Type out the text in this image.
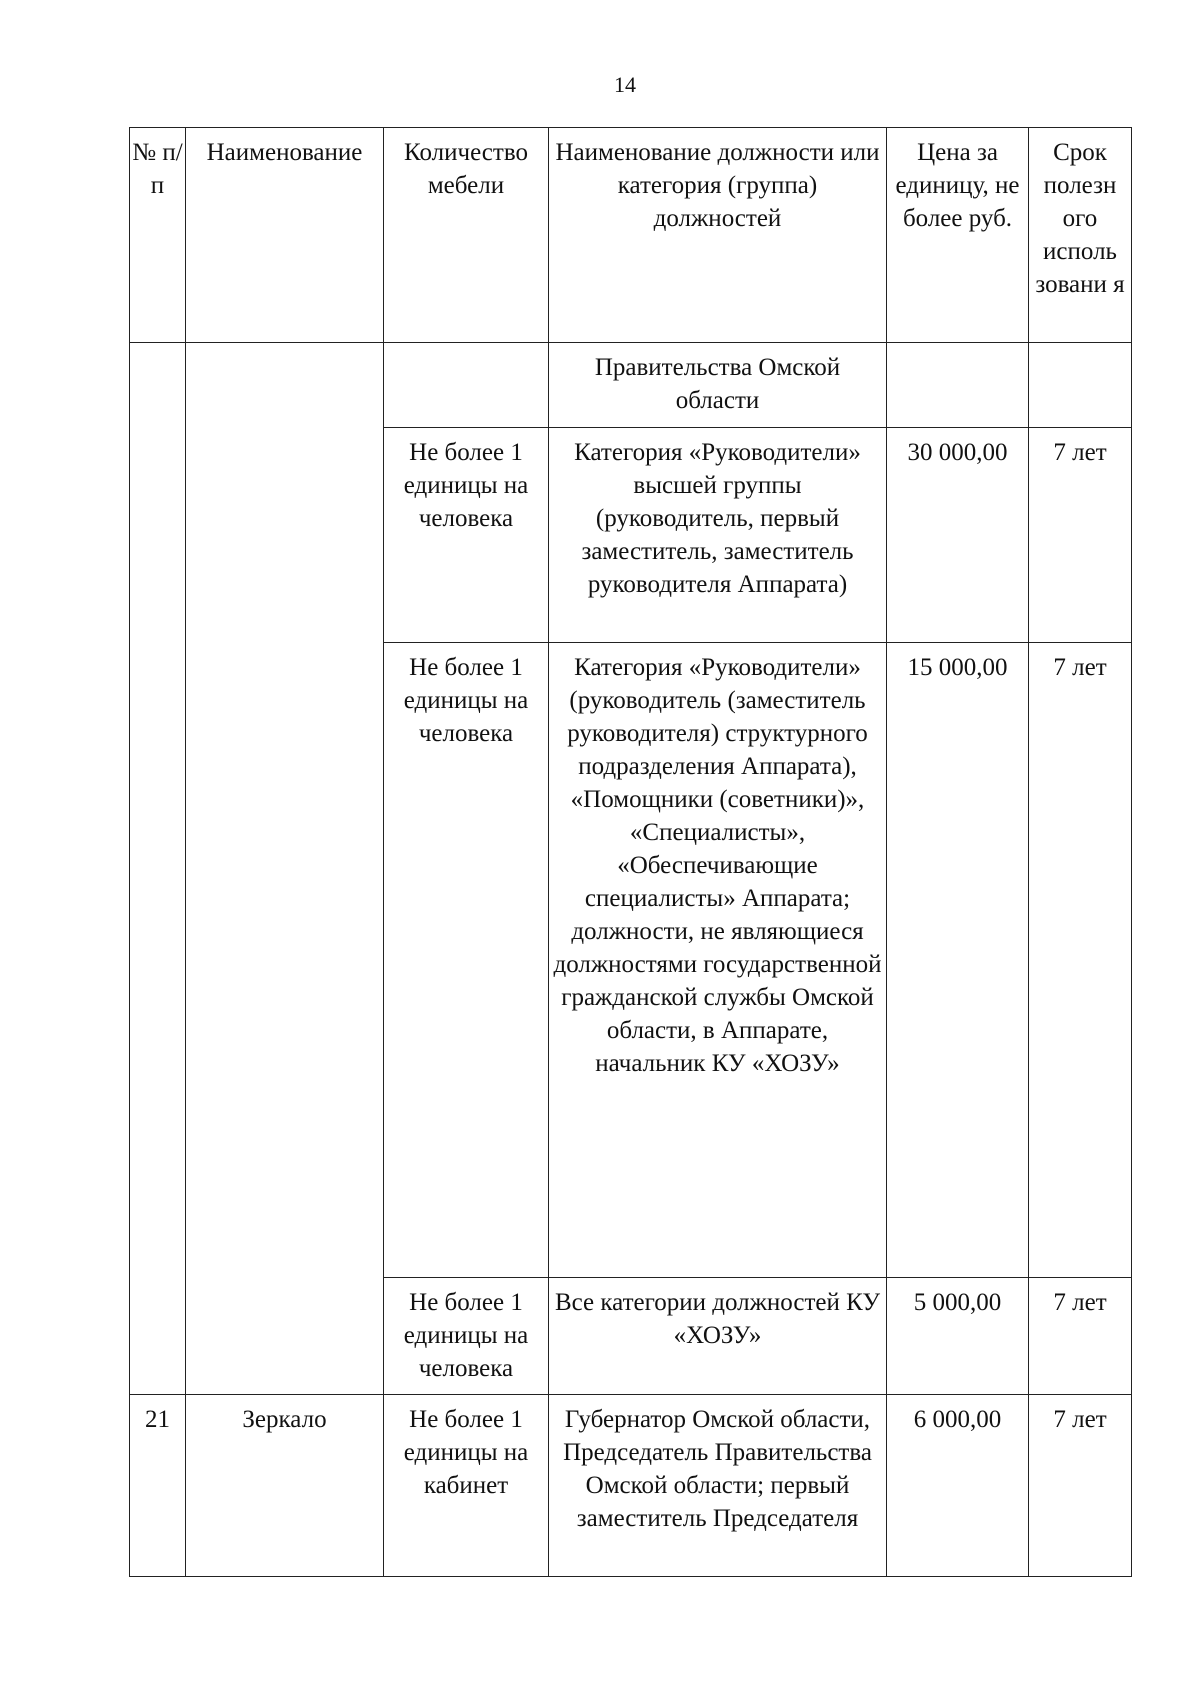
14
№ п/п	Наименование	Количество мебели	Наименование должности или категория (группа) должностей	Цена за единицу, не более руб.	Срок полезн ого исполь зовани я
			Правительства Омской области		
		Не более 1 единицы на человека	Категория «Руководители» высшей группы (руководитель, первый заместитель, заместитель руководителя Аппарата)	30 000,00	7 лет
		Не более 1 единицы на человека	Категория «Руководители» (руководитель (заместитель руководителя) структурного подразделения Аппарата), «Помощники (советники)», «Специалисты», «Обеспечивающие специалисты» Аппарата; должности, не являющиеся должностями государственной гражданской службы Омской области, в Аппарате, начальник КУ «ХОЗУ»	15 000,00	7 лет
		Не более 1 единицы на человека	Все категории должностей КУ «ХОЗУ»	5 000,00	7 лет
21	Зеркало	Не более 1 единицы на кабинет	Губернатор Омской области, Председатель Правительства Омской области; первый заместитель Председателя	6 000,00	7 лет
